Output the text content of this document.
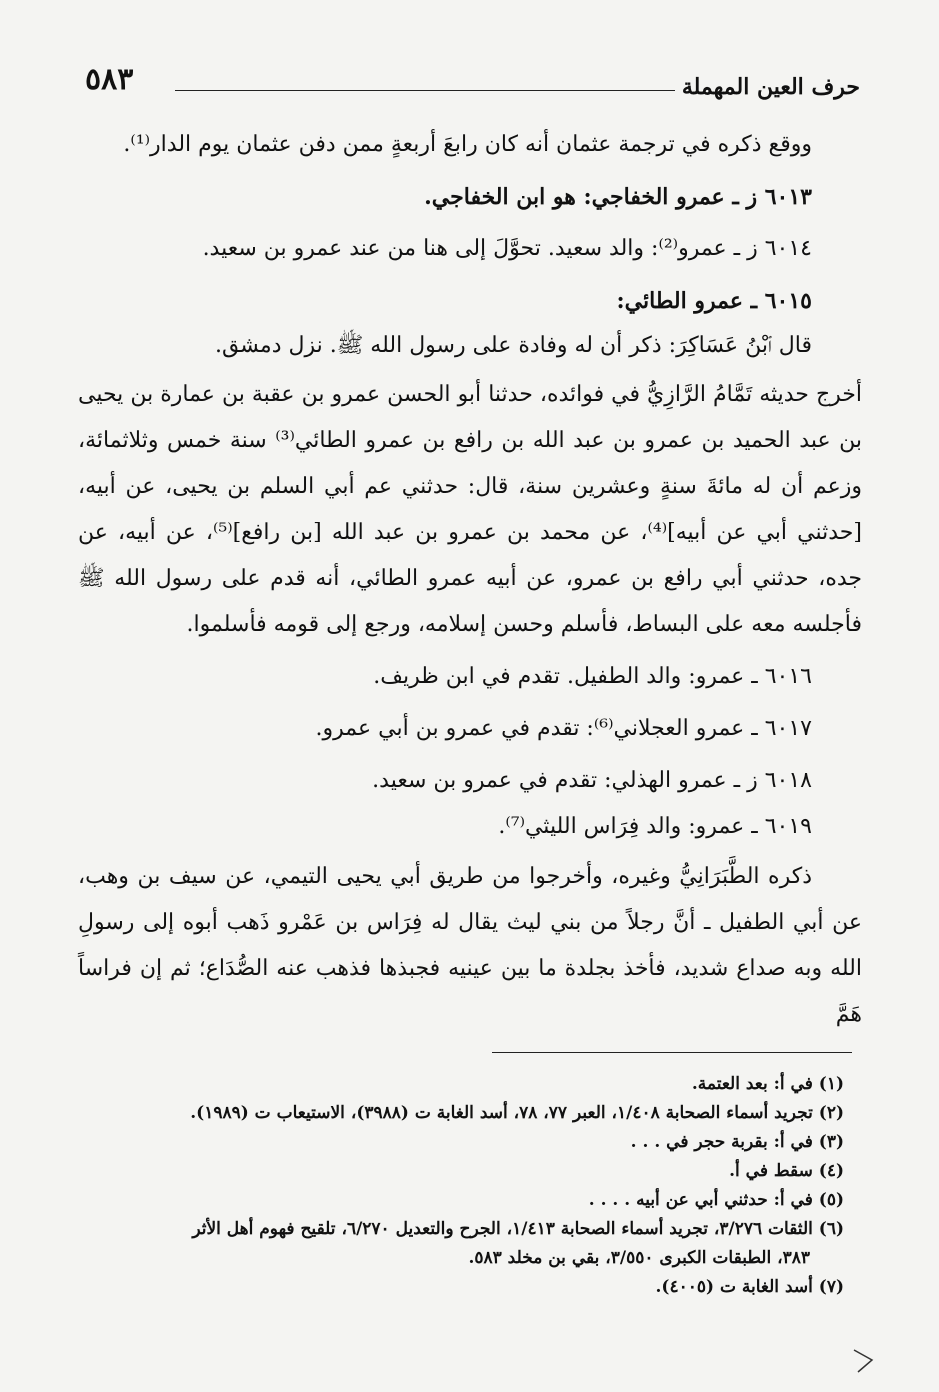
حرف العين المهملة
٥٨٣

ووقع ذكره في ترجمة عثمان أنه كان رابعَ أربعةٍ ممن دفن عثمان يوم الدار⁽¹⁾.

٦٠١٣ ز ـ عمرو الخفاجي: هو ابن الخفاجي.

٦٠١٤ ز ـ عمرو⁽²⁾: والد سعيد. تحوَّلَ إلى هنا من عند عمرو بن سعيد.

٦٠١٥ ـ عمرو الطائي:

قال ٱبْنُ عَسَاكِرَ: ذكر أن له وفادة على رسول الله ﷺ. نزل دمشق.

أخرج حديثه تَمَّامُ الرَّازِيُّ في فوائده، حدثنا أبو الحسن عمرو بن عقبة بن عمارة بن يحيى بن عبد الحميد بن عمرو بن عبد الله بن رافع بن عمرو الطائي⁽³⁾ سنة خمس وثلاثمائة، وزعم أن له مائةَ سنةٍ وعشرين سنة، قال: حدثني عم أبي السلم بن يحيى، عن أبيه، [حدثني أبي عن أبيه]⁽⁴⁾، عن محمد بن عمرو بن عبد الله [بن رافع]⁽⁵⁾، عن أبيه، عن جده، حدثني أبي رافع بن عمرو، عن أبيه عمرو الطائي، أنه قدم على رسول الله ﷺ فأجلسه معه على البساط، فأسلم وحسن إسلامه، ورجع إلى قومه فأسلموا.

٦٠١٦ ـ عمرو: والد الطفيل. تقدم في ابن ظريف.

٦٠١٧ ـ عمرو العجلاني⁽⁶⁾: تقدم في عمرو بن أبي عمرو.

٦٠١٨ ز ـ عمرو الهذلي: تقدم في عمرو بن سعيد.

٦٠١٩ ـ عمرو: والد فِرَاس الليثي⁽⁷⁾.

ذكره الطَّبَرَانِيُّ وغيره، وأخرجوا من طريق أبي يحيى التيمي، عن سيف بن وهب، عن أبي الطفيل ـ أنَّ رجلاً من بني ليث يقال له فِرَاس بن عَمْرو ذَهب أبوه إلى رسولِ الله وبه صداع شديد، فأخذ بجلدة ما بين عينيه فجبذها فذهب عنه الصُّدَاع؛ ثم إن فراساً هَمَّ

(١) في أ: بعد العتمة.

(٢) تجريد أسماء الصحابة ١/٤٠٨، العبر ٧٧، ٧٨، أسد الغابة ت (٣٩٨٨)، الاستيعاب ت (١٩٨٩).

(٣) في أ: بقربة حجر في . . .

(٤) سقط في أ.

(٥) في أ: حدثني أبي عن أبيه . . . .

(٦) الثقات ٣/٢٧٦، تجريد أسماء الصحابة ١/٤١٣، الجرح والتعديل ٦/٢٧٠، تلقيح فهوم أهل الأثر

٣٨٣، الطبقات الكبرى ٣/٥٥٠، بقي بن مخلد ٥٨٣.

(٧) أسد الغابة ت (٤٠٠٥).
